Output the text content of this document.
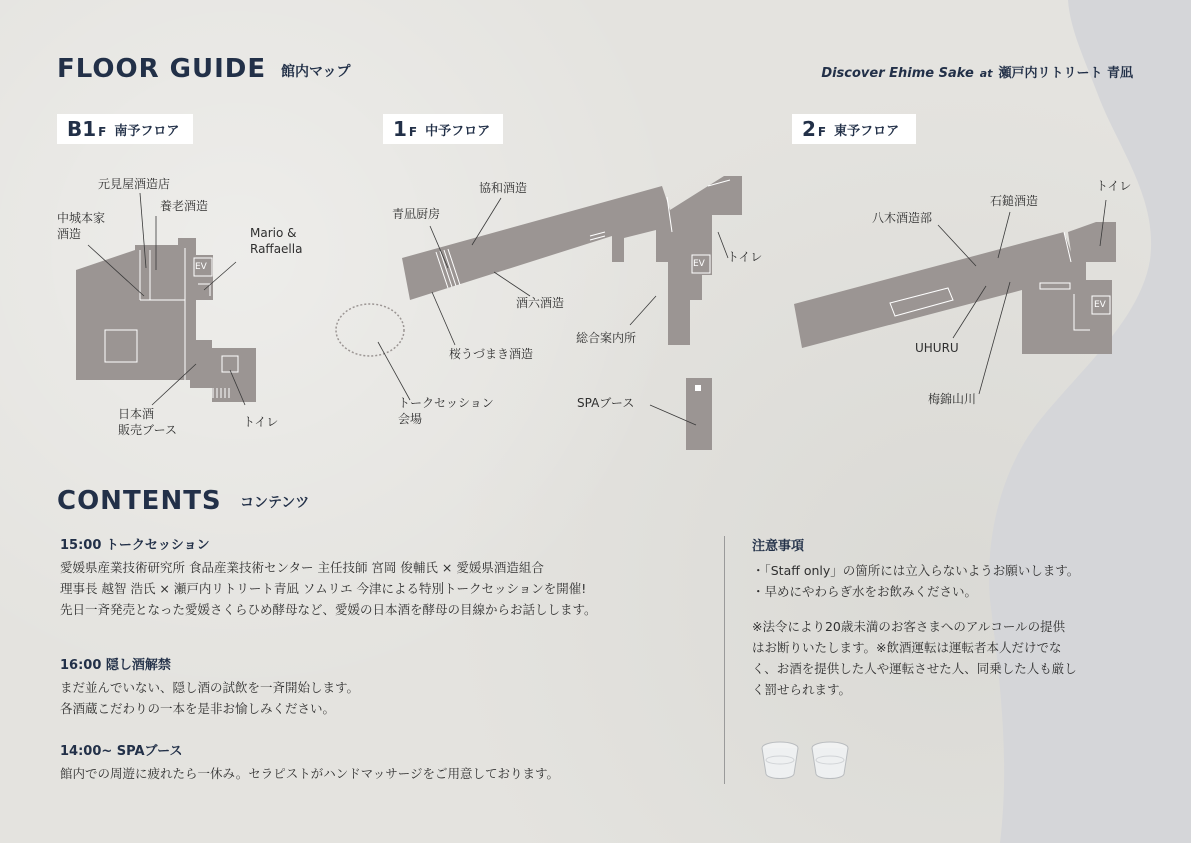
FLOOR GUIDE 館内マップ	Discover Ehime Sake at 瀬戸内リトリート 青凪
B1 F 南予フロア	1 F 中予フロア	2 F 東予フロア
EV	EV
EV
元見屋酒造店
養老酒造
中城本家
酒造	Mario &
Raffaella
日本酒
販売ブース
トイレ
協和酒造
青凪厨房
酒六酒造
桜うづまき酒造
総合案内所
トークセッション
会場
SPAブース
トイレ
八木酒造部
石鎚酒造
トイレ
UHURU
梅錦山川
CONTENTS コンテンツ
15:00 トークセッション
愛媛県産業技術研究所 食品産業技術センター 主任技師 宮岡 俊輔氏 × 愛媛県酒造組合
理事長 越智 浩氏 × 瀬戸内リトリート青凪 ソムリエ 今津による特別トークセッションを開催!
先日一斉発売となった愛媛さくらひめ酵母など、愛媛の日本酒を酵母の目線からお話しします。
16:00 隠し酒解禁
まだ並んでいない、隠し酒の試飲を一斉開始します。
各酒蔵こだわりの一本を是非お愉しみください。
14:00~ SPAブース
館内での周遊に疲れたら一休み。セラピストがハンドマッサージをご用意しております。
注意事項
・「Staff only」の箇所には立入らないようお願いします。
・早めにやわらぎ水をお飲みください。
※法令により20歳未満のお客さまへのアルコールの提供
はお断りいたします。※飲酒運転は運転者本人だけでな
く、お酒を提供した人や運転させた人、同乗した人も厳し
く罰せられます。
